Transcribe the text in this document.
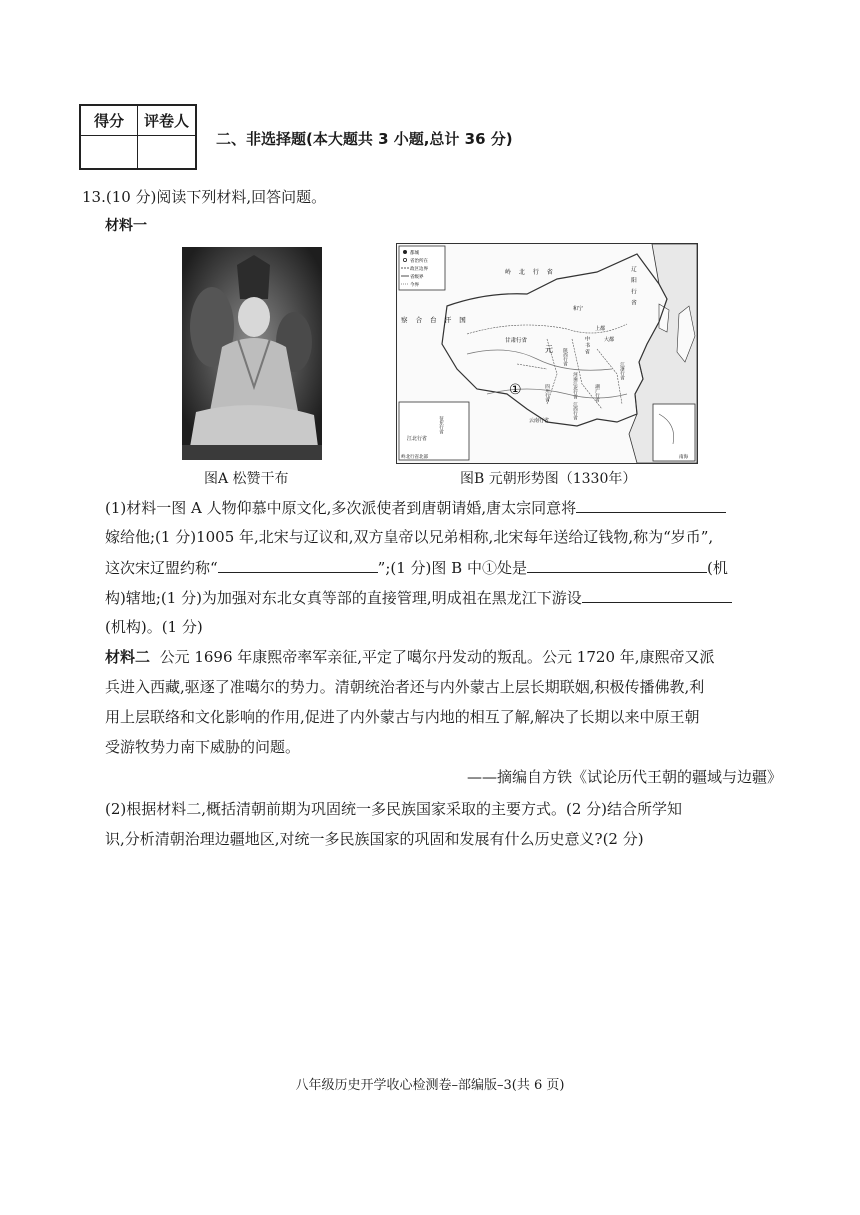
得分	评卷人
二、非选择题(本大题共 3 小题,总计 36 分)
13.(10 分)阅读下列材料,回答问题。
材料一
都城
省治所在
政区边界
省级界
今界
岭 北 行 省	辽 阳 行 省
和宁
上都
大都
中 书 省
察 合 台 汗 国
甘肃行省
元 陕西行省
河南江北行省
①	四川行省
云南行省
湖广行省
江西行省
江浙行省
征东行省
江北行省
岭北行省北部	南海
图A 松赞干布	图B 元朝形势图（1330年）
(1)材料一图 A 人物仰慕中原文化,多次派使者到唐朝请婚,唐太宗同意将
嫁给他;(1 分)1005 年,北宋与辽议和,双方皇帝以兄弟相称,北宋每年送给辽钱物,称为“岁币”,
这次宋辽盟约称“	”;(1 分)图 B 中①处是	(机
构)辖地;(1 分)为加强对东北女真等部的直接管理,明成祖在黑龙江下游设
(机构)。(1 分)
材料二 公元 1696 年康熙帝率军亲征,平定了噶尔丹发动的叛乱。公元 1720 年,康熙帝又派
兵进入西藏,驱逐了准噶尔的势力。清朝统治者还与内外蒙古上层长期联姻,积极传播佛教,利
用上层联络和文化影响的作用,促进了内外蒙古与内地的相互了解,解决了长期以来中原王朝
受游牧势力南下威胁的问题。
——摘编自方铁《试论历代王朝的疆域与边疆》
(2)根据材料二,概括清朝前期为巩固统一多民族国家采取的主要方式。(2 分)结合所学知
识,分析清朝治理边疆地区,对统一多民族国家的巩固和发展有什么历史意义?(2 分)
八年级历史开学收心检测卷–部编版–3(共 6 页)
